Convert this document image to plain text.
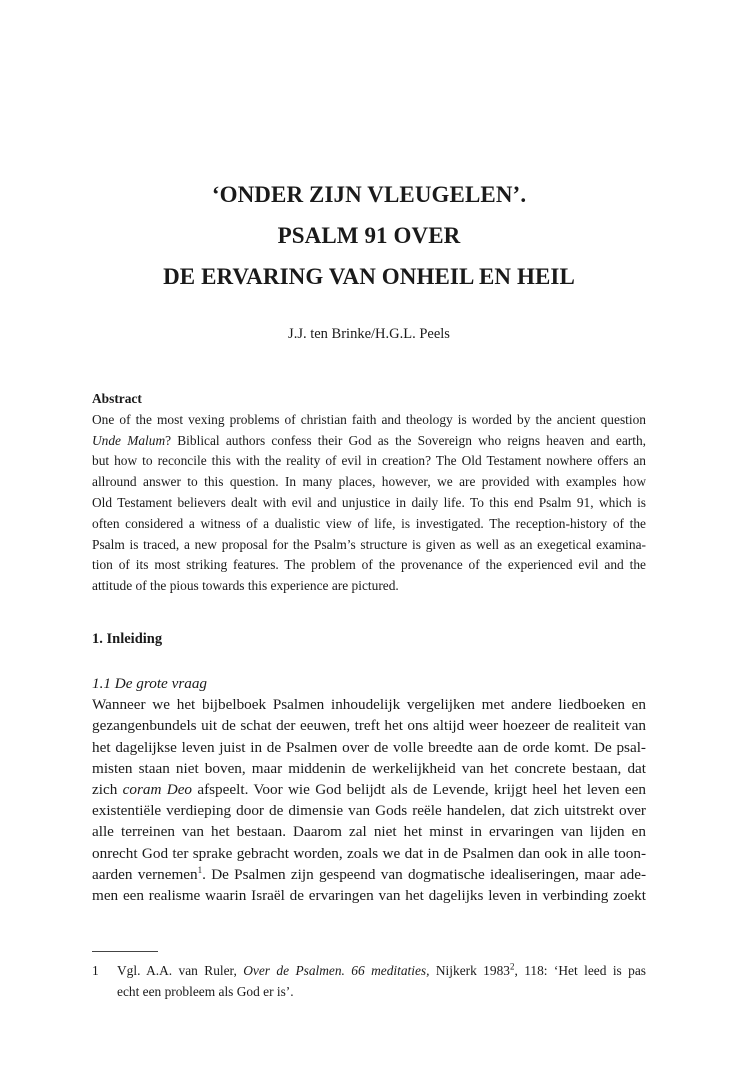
‘ONDER ZIJN VLEUGELEN’.
PSALM 91 OVER
DE ERVARING VAN ONHEIL EN HEIL
J.J. ten Brinke/H.G.L. Peels
Abstract
One of the most vexing problems of christian faith and theology is worded by the ancient question
Unde Malum? Biblical authors confess their God as the Sovereign who reigns heaven and earth,
but how to reconcile this with the reality of evil in creation? The Old Testament nowhere offers an
allround answer to this question. In many places, however, we are provided with examples how
Old Testament believers dealt with evil and unjustice in daily life. To this end Psalm 91, which is
often considered a witness of a dualistic view of life, is investigated. The reception-history of the
Psalm is traced, a new proposal for the Psalm’s structure is given as well as an exegetical examina-
tion of its most striking features. The problem of the provenance of the experienced evil and the
attitude of the pious towards this experience are pictured.
1. Inleiding
1.1 De grote vraag
Wanneer we het bijbelboek Psalmen inhoudelijk vergelijken met andere liedboeken en
gezangenbundels uit de schat der eeuwen, treft het ons altijd weer hoezeer de realiteit van
het dagelijkse leven juist in de Psalmen over de volle breedte aan de orde komt. De psal-
misten staan niet boven, maar middenin de werkelijkheid van het concrete bestaan, dat
zich coram Deo afspeelt. Voor wie God belijdt als de Levende, krijgt heel het leven een
existentiële verdieping door de dimensie van Gods reële handelen, dat zich uitstrekt over
alle terreinen van het bestaan. Daarom zal niet het minst in ervaringen van lijden en
onrecht God ter sprake gebracht worden, zoals we dat in de Psalmen dan ook in alle toon-
aarden vernemen$^1$. De Psalmen zijn gespeend van dogmatische idealiseringen, maar ade-
men een realisme waarin Israël de ervaringen van het dagelijks leven in verbinding zoekt
1 Vgl. A.A. van Ruler, Over de Psalmen. 66 meditaties, Nijkerk 1983$^2$, 118: ‘Het leed is pas
echt een probleem als God er is’.
